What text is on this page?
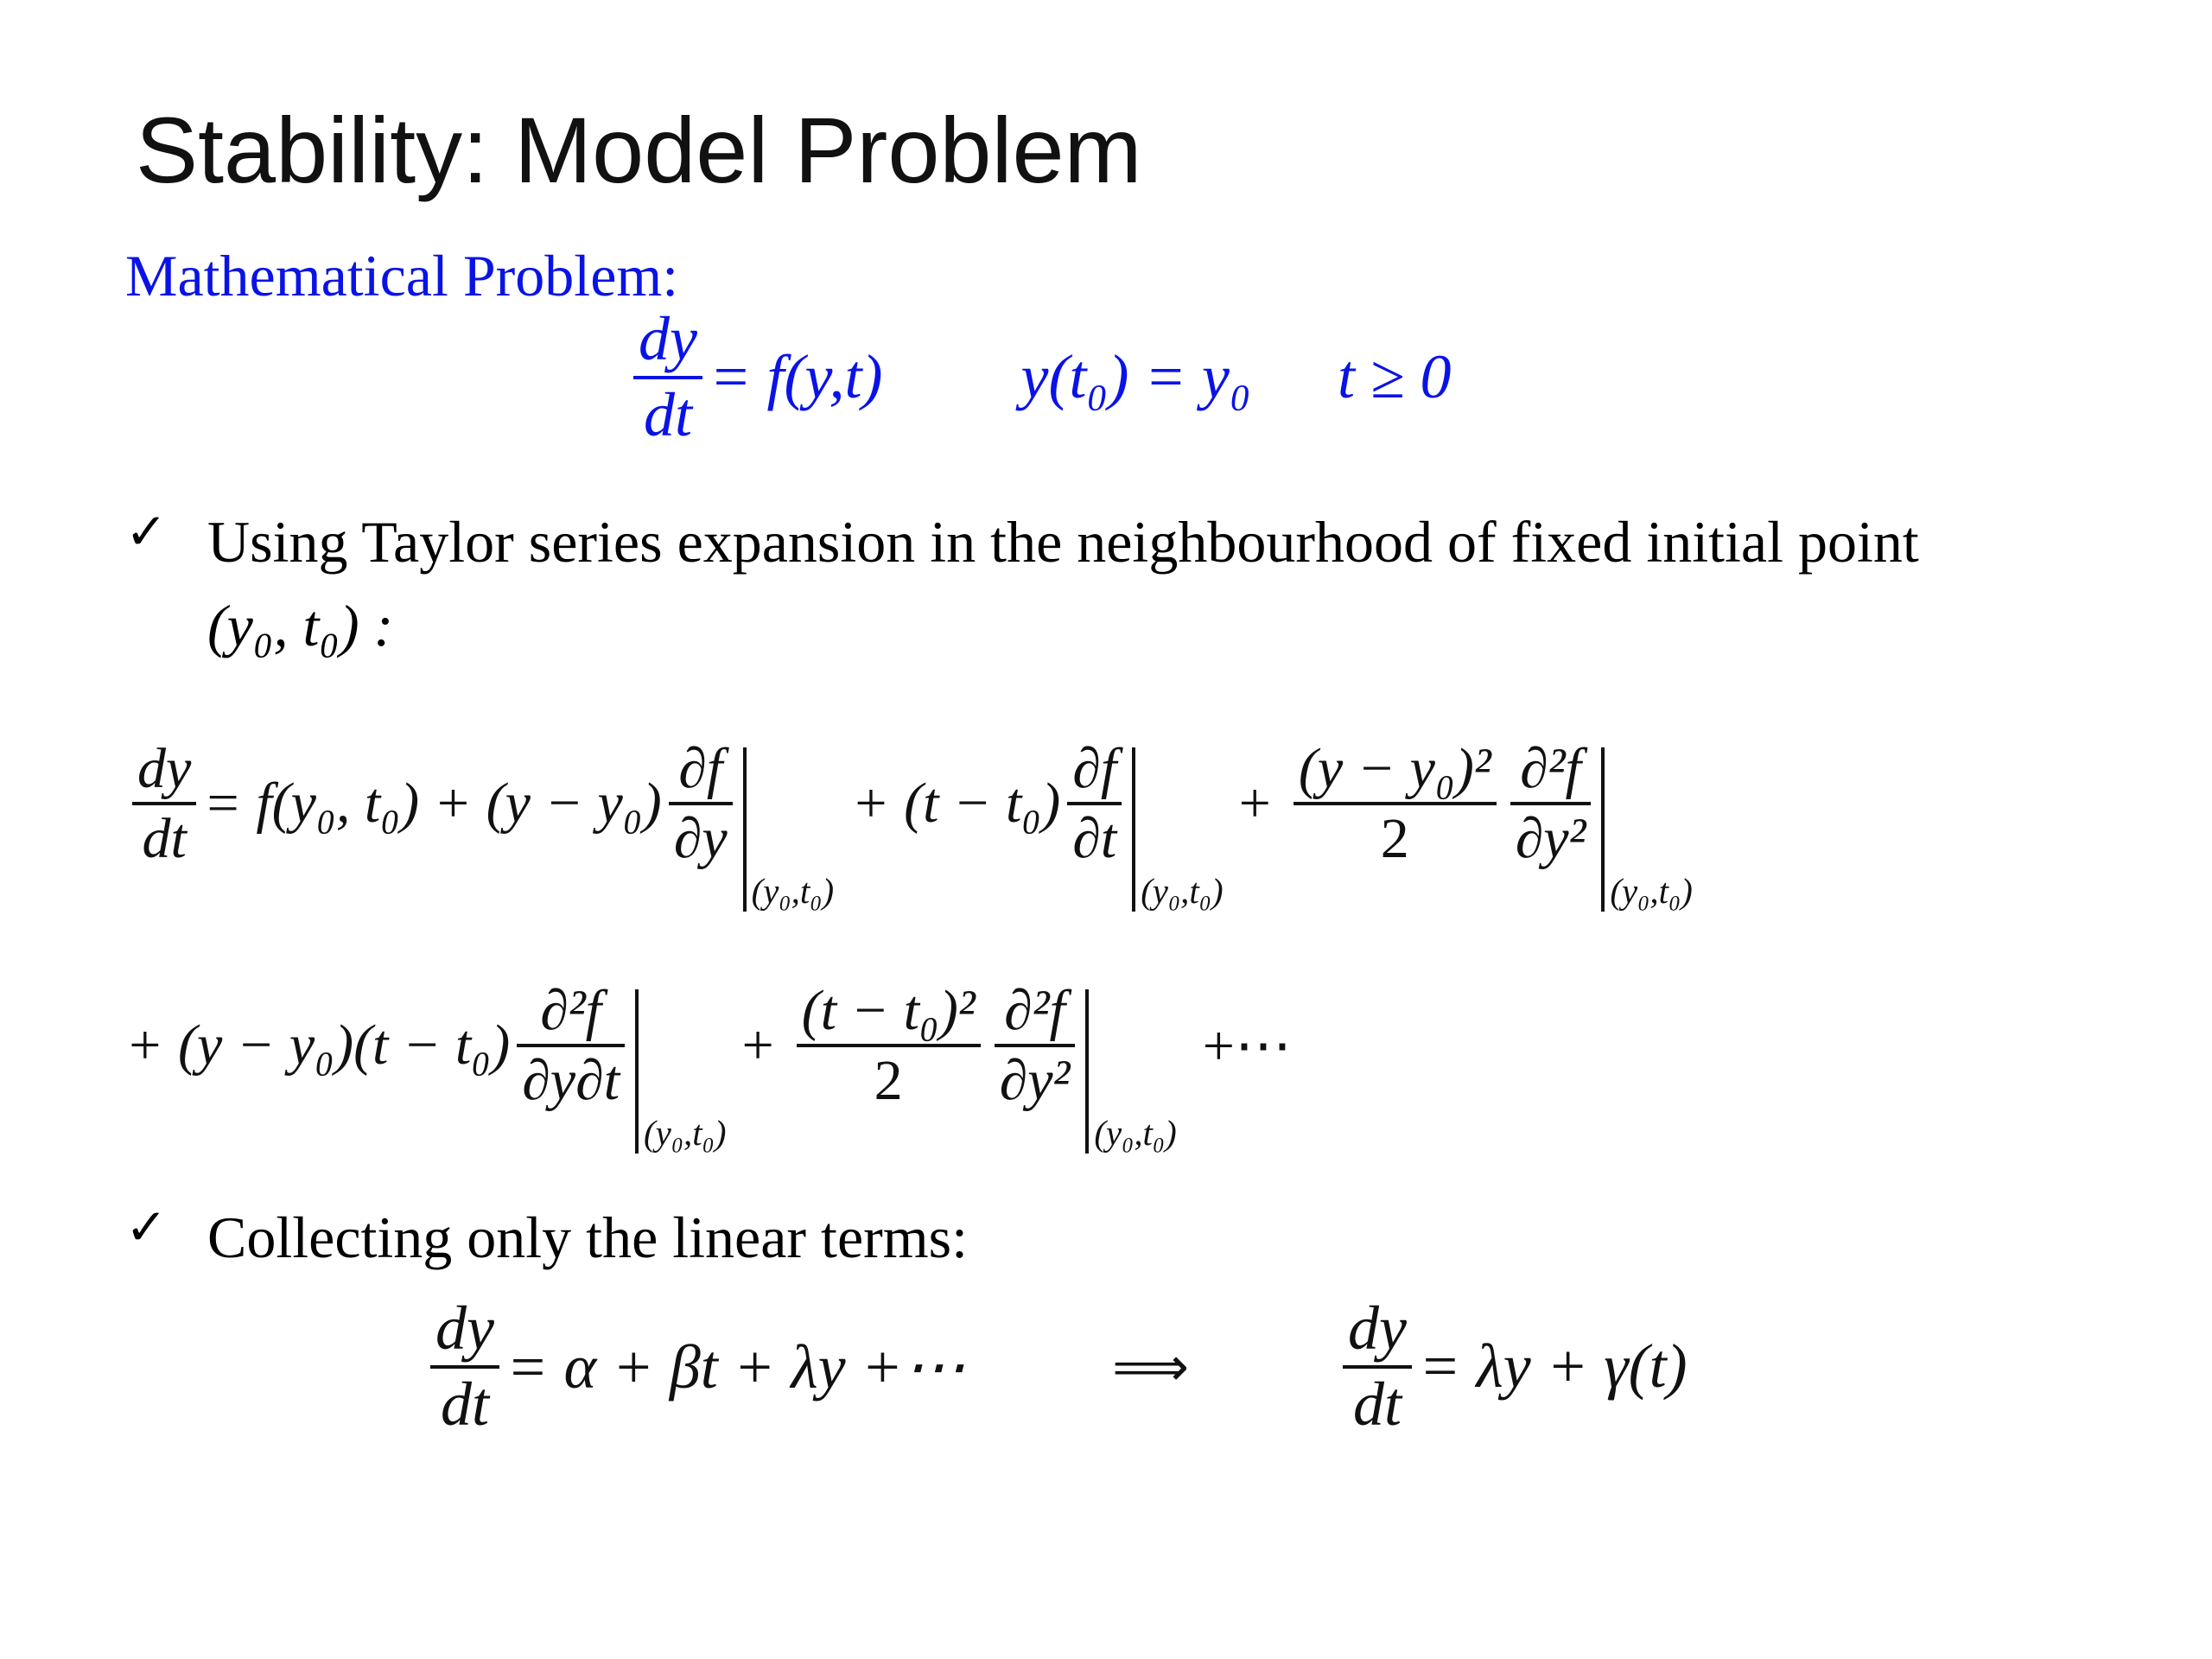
Stability: Model Problem
Mathematical Problem:
$\frac{dy}{dt} = f(y,t) y(t_0) = y_0$ t ≥ 0
✓ Using Taylor series expansion in the neighbourhood of fixed initial point
(y₀, t₀) :
$\frac{dy}{dt} = f(y_0$, $t_0) + (y - y_0) \frac{\partial f}{\partial y}$
(y₀,t₀)
+ $(t - t_0) \frac{\partial f}{\partial t}$
(y₀,t₀)
+ $\frac{\text{(y − y₀)²}}{2} \frac{\text{∂²f}}{\text{∂y²}}$
(y₀,t₀)
+ $(y - y_0)(t - t_0) \frac{\text{∂²f}}{\partial y\partial t}$
(y₀,t₀)
+ $\frac{\text{(t − t₀)²}}{2} \frac{\text{∂²f}}{\text{∂y²}}$
(y₀,t₀)
+⋯
✓ Collecting only the linear terms:
$\frac{dy}{dt} = \alpha + \beta t + \lambda y$ +⋯	⟹ $\frac{dy}{dt} = \lambda y + \gamma(t)$
